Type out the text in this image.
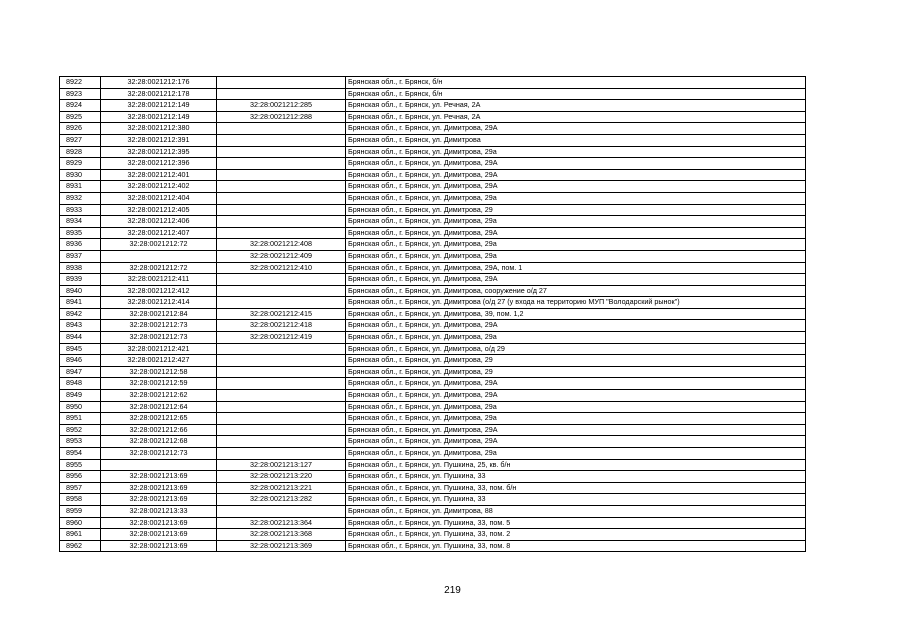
8922	32:28:0021212:176		Брянская обл., г. Брянск, б/н
8923	32:28:0021212:178		Брянская обл., г. Брянск, б/н
8924	32:28:0021212:149	32:28:0021212:285	Брянская обл., г. Брянск, ул. Речная, 2А
8925	32:28:0021212:149	32:28:0021212:288	Брянская обл., г. Брянск, ул. Речная, 2А
8926	32:28:0021212:380		Брянская обл., г. Брянск, ул. Димитрова, 29А
8927	32:28:0021212:391		Брянская обл., г. Брянск, ул. Димитрова
8928	32:28:0021212:395		Брянская обл., г. Брянск, ул. Димитрова, 29а
8929	32:28:0021212:396		Брянская обл., г. Брянск, ул. Димитрова, 29А
8930	32:28:0021212:401		Брянская обл., г. Брянск, ул. Димитрова, 29А
8931	32:28:0021212:402		Брянская обл., г. Брянск, ул. Димитрова, 29А
8932	32:28:0021212:404		Брянская обл., г. Брянск, ул. Димитрова, 29а
8933	32:28:0021212:405		Брянская обл., г. Брянск, ул. Димитрова, 29
8934	32:28:0021212:406		Брянская обл., г. Брянск, ул. Димитрова, 29а
8935	32:28:0021212:407		Брянская обл., г. Брянск, ул. Димитрова, 29А
8936	32:28:0021212:72	32:28:0021212:408	Брянская обл., г. Брянск, ул. Димитрова, 29а
8937		32:28:0021212:409	Брянская обл., г. Брянск, ул. Димитрова, 29а
8938	32:28:0021212:72	32:28:0021212:410	Брянская обл., г. Брянск, ул. Димитрова, 29А, пом. 1
8939	32:28:0021212:411		Брянская обл., г. Брянск, ул. Димитрова, 29А
8940	32:28:0021212:412		Брянская обл., г. Брянск, ул. Димитрова, сооружение о/д 27
8941	32:28:0021212:414		Брянская обл., г. Брянск, ул. Димитрова (о/д 27 (у входа на территорию МУП "Володарский рынок")
8942	32:28:0021212:84	32:28:0021212:415	Брянская обл., г. Брянск, ул. Димитрова, 39, пом. 1,2
8943	32:28:0021212:73	32:28:0021212:418	Брянская обл., г. Брянск, ул. Димитрова, 29А
8944	32:28:0021212:73	32:28:0021212:419	Брянская обл., г. Брянск, ул. Димитрова, 29а
8945	32:28:0021212:421		Брянская обл., г. Брянск, ул. Димитрова, о/д 29
8946	32:28:0021212:427		Брянская обл., г. Брянск, ул. Димитрова, 29
8947	32:28:0021212:58		Брянская обл., г. Брянск, ул. Димитрова, 29
8948	32:28:0021212:59		Брянская обл., г. Брянск, ул. Димитрова, 29А
8949	32:28:0021212:62		Брянская обл., г. Брянск, ул. Димитрова, 29А
8950	32:28:0021212:64		Брянская обл., г. Брянск, ул. Димитрова, 29а
8951	32:28:0021212:65		Брянская обл., г. Брянск, ул. Димитрова, 29а
8952	32:28:0021212:66		Брянская обл., г. Брянск, ул. Димитрова, 29А
8953	32:28:0021212:68		Брянская обл., г. Брянск, ул. Димитрова, 29А
8954	32:28:0021212:73		Брянская обл., г. Брянск, ул. Димитрова, 29а
8955		32:28:0021213:127	Брянская обл., г. Брянск, ул. Пушкина, 25, кв. б/н
8956	32:28:0021213:69	32:28:0021213:220	Брянская обл., г. Брянск, ул. Пушкина, 33
8957	32:28:0021213:69	32:28:0021213:221	Брянская обл., г. Брянск, ул. Пушкина, 33, пом. б/н
8958	32:28:0021213:69	32:28:0021213:282	Брянская обл., г. Брянск, ул. Пушкина, 33
8959	32:28:0021213:33		Брянская обл., г. Брянск, ул. Димитрова, 88
8960	32:28:0021213:69	32:28:0021213:364	Брянская обл., г. Брянск, ул. Пушкина, 33, пом. 5
8961	32:28:0021213:69	32:28:0021213:368	Брянская обл., г. Брянск, ул. Пушкина, 33, пом. 2
8962	32:28:0021213:69	32:28:0021213:369	Брянская обл., г. Брянск, ул. Пушкина, 33, пом. 8
219
